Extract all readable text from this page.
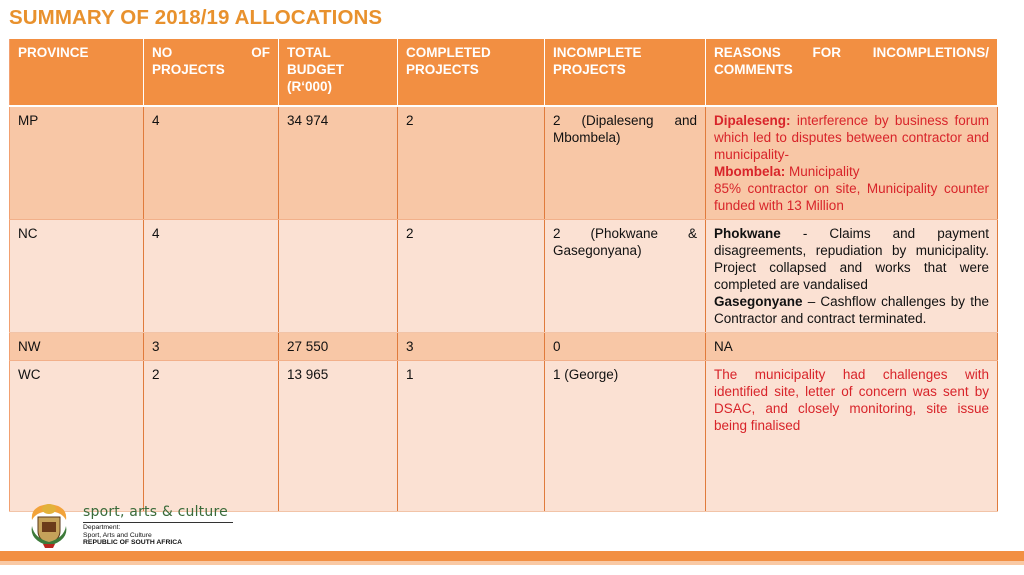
SUMMARY OF 2018/19 ALLOCATIONS
PROVINCE	NO OF PROJECTS	TOTAL BUDGET (R‘000)	COMPLETED PROJECTS	INCOMPLETE PROJECTS	REASONS FOR INCOMPLETIONS/ COMMENTS
MP	4	34 974	2	2 (Dipaleseng and Mbombela)	Dipaleseng: interference by business forum which led to disputes between contractor and municipality-
Mbombela: Municipality
85% contractor on site, Municipality counter funded with 13 Million
NC	4		2	2 (Phokwane & Gasegonyana)	Phokwane - Claims and payment disagreements, repudiation by municipality. Project collapsed and works that were completed are vandalised
Gasegonyane – Cashflow challenges by the Contractor and contract terminated.
NW	3	27 550	3	0	NA
WC	2	13 965	1	1 (George)	The municipality had challenges with identified site, letter of concern was sent by DSAC, and closely monitoring, site issue being finalised
sport, arts & culture
Department:
Sport, Arts and Culture
REPUBLIC OF SOUTH AFRICA
